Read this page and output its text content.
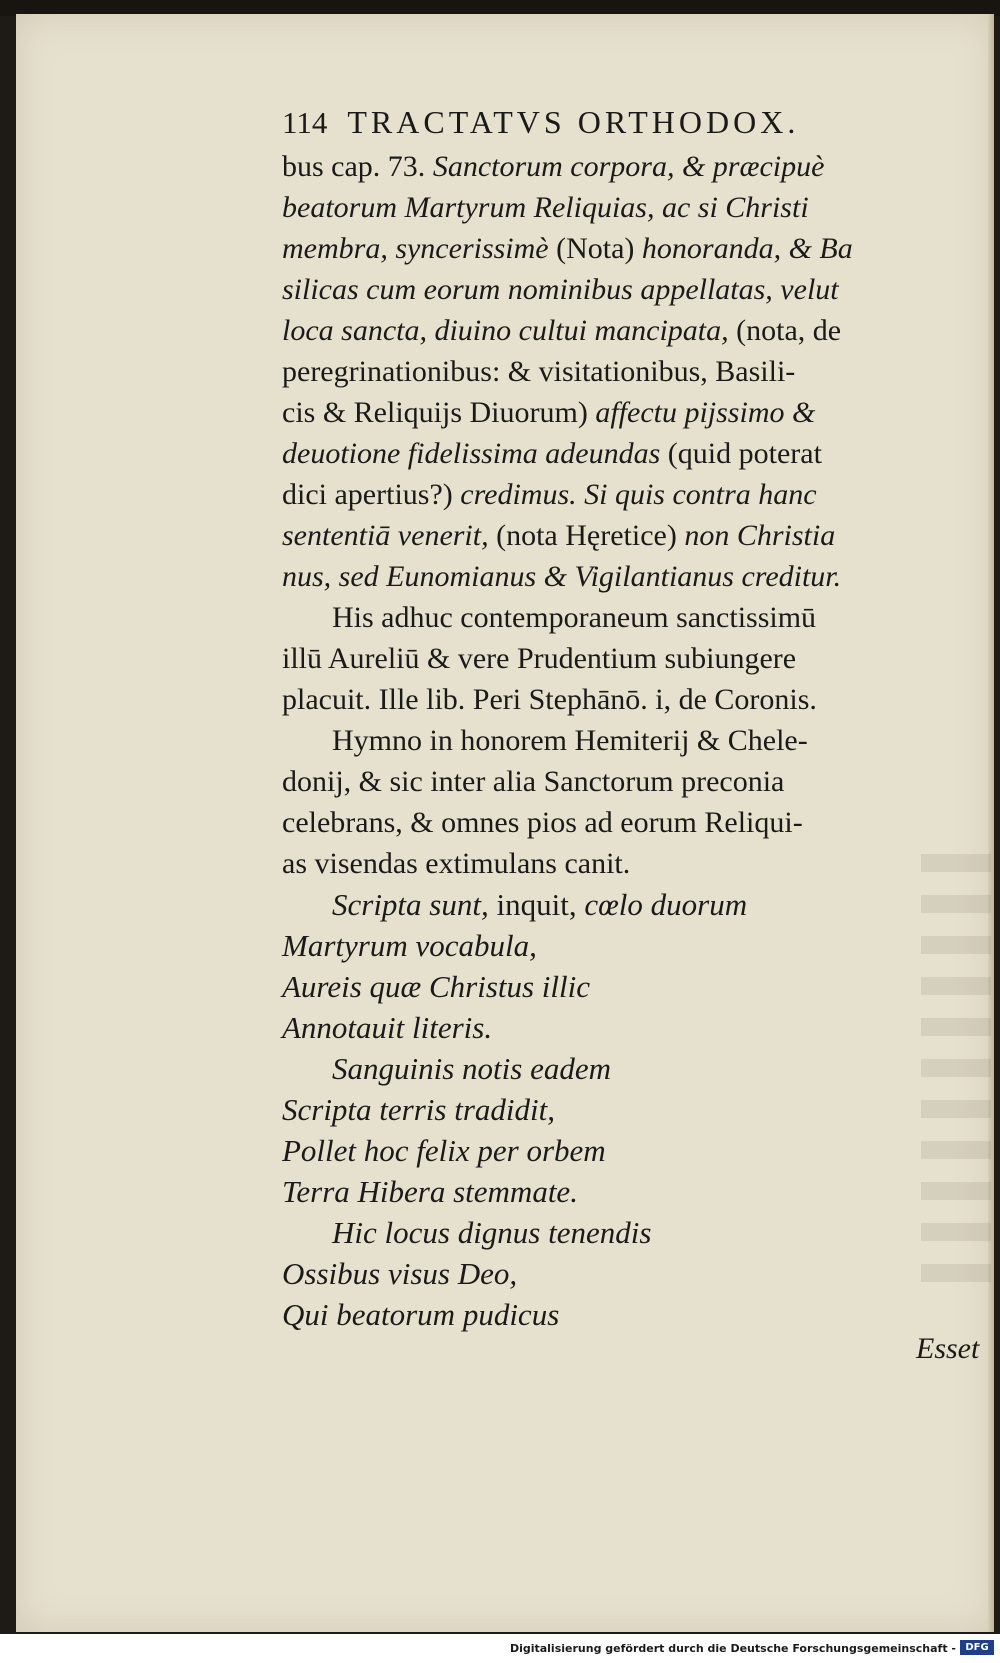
114 TRACTATVS ORTHODOX.
bus cap. 73. Sanctorum corpora, & præcipuè
beatorum Martyrum Reliquias, ac si Christi
membra, syncerissimè (Nota) honoranda, & Ba
silicas cum eorum nominibus appellatas, velut
loca sancta, diuino cultui mancipata, (nota, de
peregrinationibus: & visitationibus, Basili-
cis & Reliquijs Diuorum) affectu pijssimo &
deuotione fidelissima adeundas (quid poterat
dici apertius?) credimus. Si quis contra hanc
sententiā venerit, (nota Hęretice) non Christia
nus, sed Eunomianus & Vigilantianus creditur.
His adhuc contemporaneum sanctissimū
illū Aureliū & vere Prudentium subiungere
placuit. Ille lib. Peri Stephānō. i, de Coronis.
Hymno in honorem Hemiterij & Chele-
donij, & sic inter alia Sanctorum preconia
celebrans, & omnes pios ad eorum Reliqui-
as visendas extimulans canit.
Scripta sunt, inquit, cœlo duorum
Martyrum vocabula,
Aureis quæ Christus illic
Annotauit literis.
Sanguinis notis eadem
Scripta terris tradidit,
Pollet hoc felix per orbem
Terra Hibera stemmate.
Hic locus dignus tenendis
Ossibus visus Deo,
Qui beatorum pudicus
Esset
Digitalisierung gefördert durch die Deutsche Forschungsgemeinschaft - DFG
